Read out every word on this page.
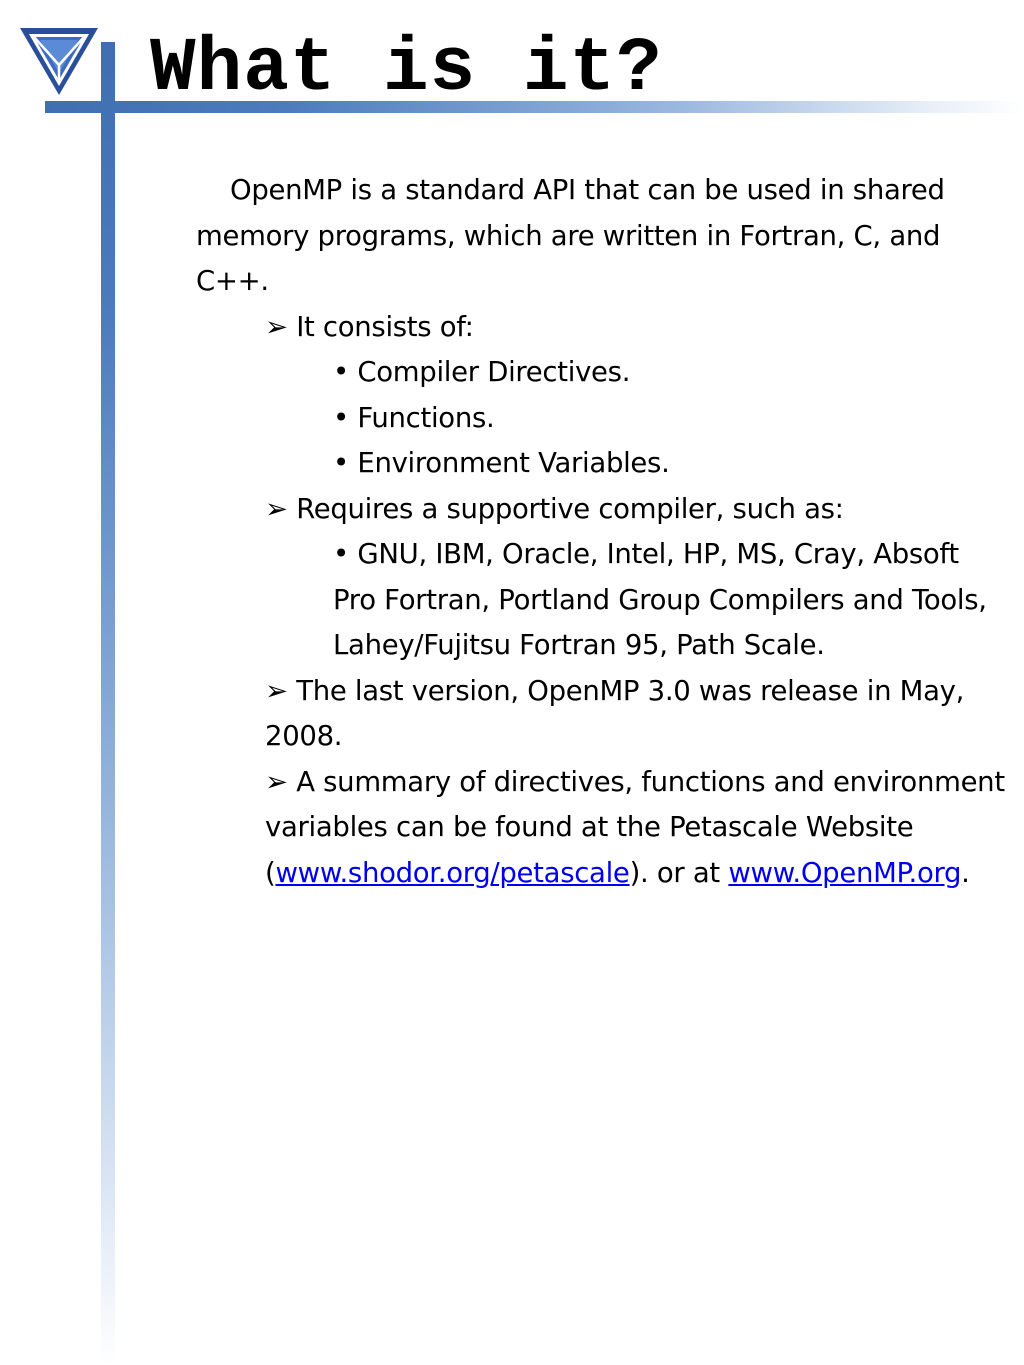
What is it?

OpenMP is a standard API that can be used in shared memory programs, which are written in Fortran, C, and C++.

➢ It consists of:

• Compiler Directives.

• Functions.

• Environment Variables.

➢ Requires a supportive compiler, such as:

• GNU, IBM, Oracle, Intel, HP, MS, Cray, Absoft Pro Fortran, Portland Group Compilers and Tools, Lahey/Fujitsu Fortran 95, Path Scale.

➢ The last version, OpenMP 3.0 was release in May, 2008.

➢ A summary of directives, functions and environment variables can be found at the Petascale Website (www.shodor.org/petascale). or at www.OpenMP.org.
